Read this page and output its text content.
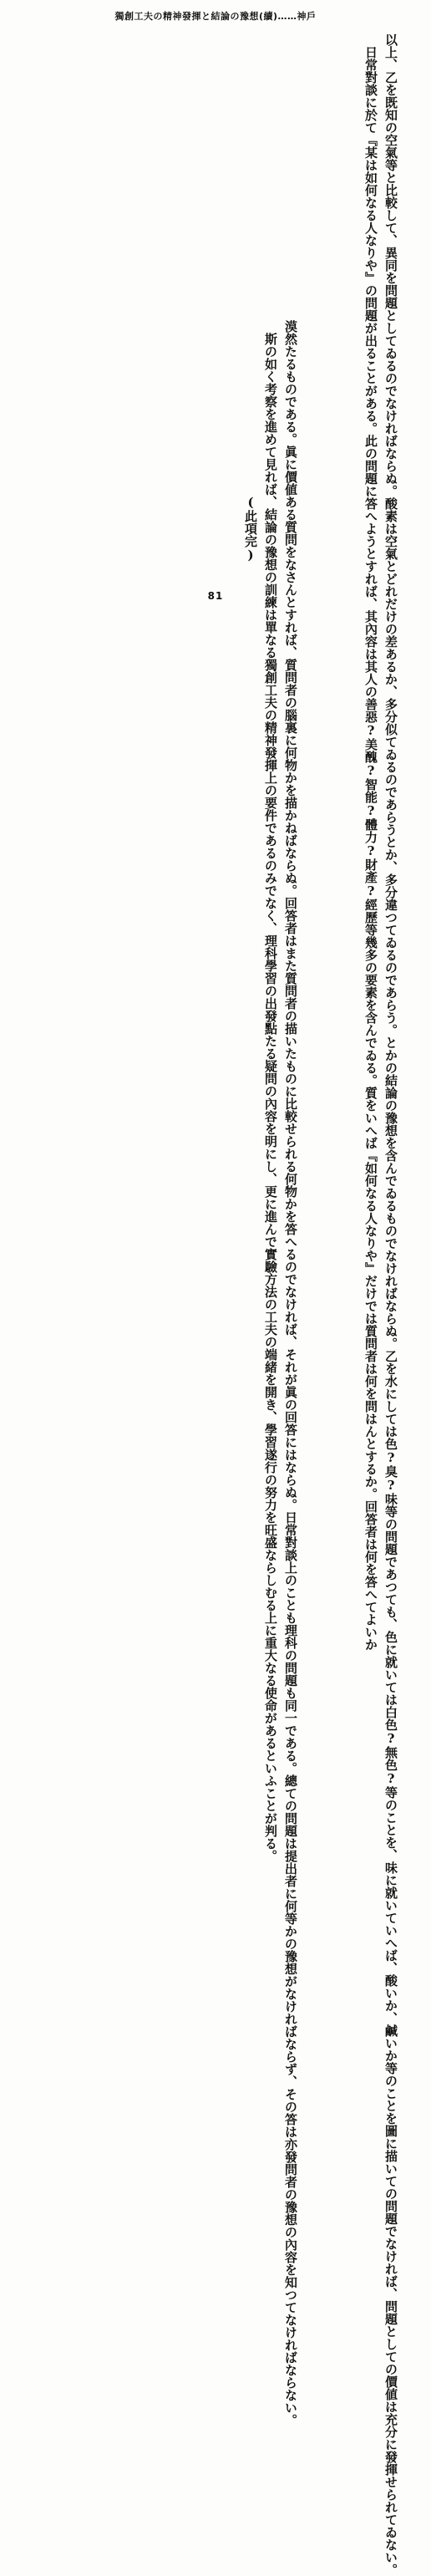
獨創工夫の精神發揮と結論の豫想(續)……神戶

以上、乙を既知の空氣等と比較して、異同を問題としてゐるのでなければならぬ。酸素は空氣とどれだけの差あるか、多分似てゐるのであらうとか、多分違つてゐるのであらう。とかの結論の豫想を含んでゐるものでなければならぬ。乙を水にしては色?臭?味等の問題であつても、色に就いては白色?無色?等のことを、味に就いていへば、酸いか、鹹いか等のことを圖に描いての問題でなければ、問題としての價値は充分に發揮せられてゐない。

日常對談に於て『某は如何なる人なりや』の問題が出ることがある。此の問題に答へようとすれば、其內容は其人の善惡?美醜?智能?體力?財產?經歷等幾多の要素を含んでゐる。質をいへば『如何なる人なりや』だけでは質問者は何を問はんとするか。回答者は何を答へてよいか

漠然たるものである。眞に價値ある質問をなさんとすれば、質問者の腦裏に何物かを描かねばならぬ。回答者はまた質問者の描いたものに比較せられる何物かを答へるのでなければ、それが眞の回答にはならぬ。日常對談上のことも理科の問題も同一である。總ての問題は提出者に何等かの豫想がなければならず、その答は亦發問者の豫想の內容を知つてなければならない。

斯の如く考察を進めて見れば、結論の豫想の訓練は單なる獨創工夫の精神發揮上の要件であるのみでなく、理科學習の出發點たる疑問の內容を明にし、更に進んで實驗方法の工夫の端緒を開き、學習遂行の努力を旺盛ならしむる上に重大なる使命があるといふことが判る。

(此項完)

81
